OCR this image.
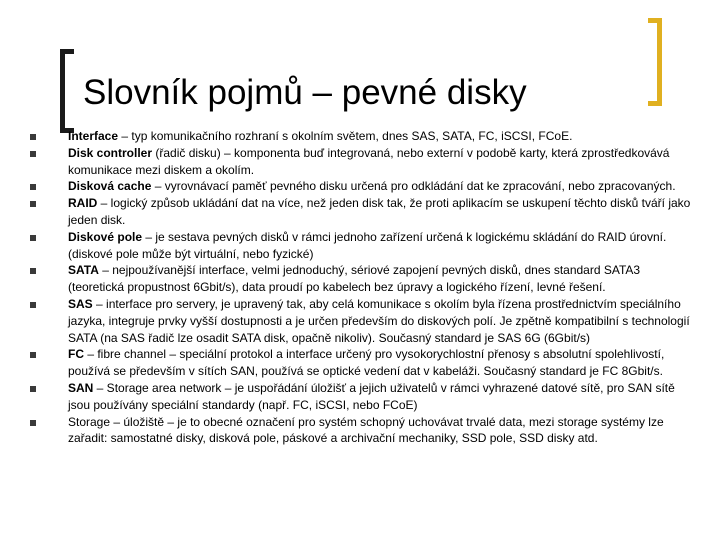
Slovník pojmů – pevné disky
Interface – typ komunikačního rozhraní s okolním světem, dnes SAS, SATA, FC, iSCSI, FCoE.
Disk controller (řadič disku) – komponenta buď integrovaná, nebo externí v podobě karty, která zprostředkovává komunikace mezi diskem a okolím.
Disková cache – vyrovnávací paměť pevného disku určená pro odkládání dat ke zpracování, nebo zpracovaných.
RAID – logický způsob ukládání dat na více, než jeden disk tak, že proti aplikacím se uskupení těchto disků tváří jako jeden disk.
Diskové pole – je sestava pevných disků v rámci jednoho zařízení určená k logickému skládání do RAID úrovní. (diskové pole může být virtuální, nebo fyzické)
SATA – nejpoužívanější interface, velmi jednoduchý, sériové zapojení pevných disků, dnes standard SATA3 (teoretická propustnost 6Gbit/s), data proudí po kabelech bez úpravy a logického řízení, levné řešení.
SAS – interface pro servery, je upravený tak, aby celá komunikace s okolím byla řízena prostřednictvím speciálního jazyka, integruje prvky vyšší dostupnosti a je určen především do diskových polí. Je zpětně kompatibilní s technologií SATA (na SAS řadič lze osadit SATA disk, opačně nikoliv). Současný standard je SAS 6G (6Gbit/s)
FC – fibre channel – speciální protokol a interface určený pro vysokorychlostní přenosy s absolutní spolehlivostí, používá se především v sítích SAN, používá se optické vedení dat v kabeláži. Současný standard je FC 8Gbit/s.
SAN – Storage area network – je uspořádání úložišť a jejich uživatelů v rámci vyhrazené datové sítě, pro SAN sítě jsou používány speciální standardy (např. FC, iSCSI, nebo FCoE)
Storage – úložiště – je to obecné označení pro systém schopný uchovávat trvalé data, mezi storage systémy lze zařadit: samostatné disky, disková pole, páskové a archivační mechaniky, SSD pole, SSD disky atd.
